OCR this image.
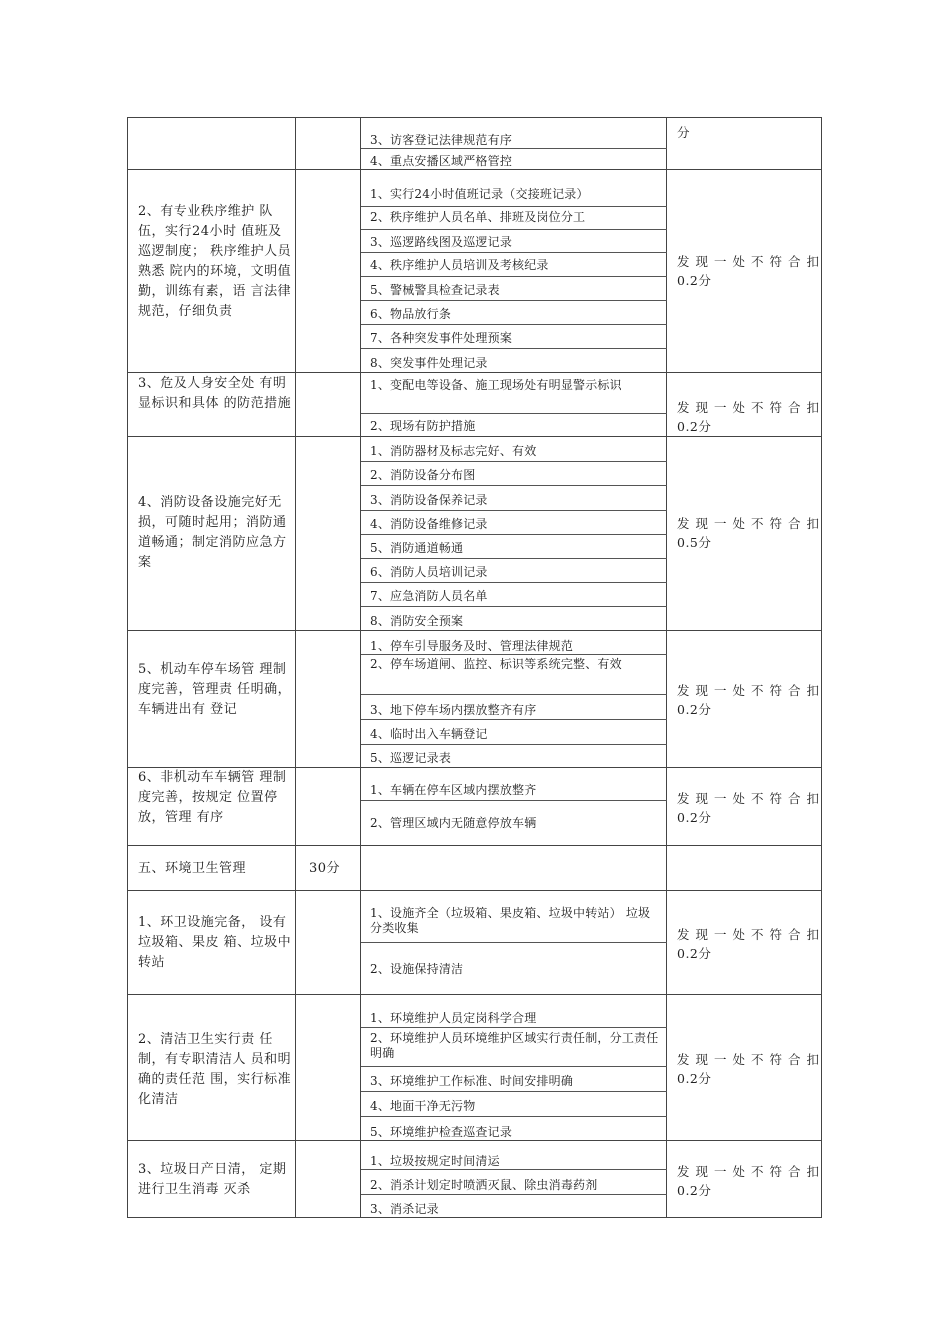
3、访客登记法律规范有序
4、重点安播区域严格管控
分
2、有专业秩序维护 队伍，实行24小时 值班及巡逻制度； 秩序维护人员熟悉 院内的环境，文明值 勤，训练有素，语 言法律规范，仔细负责
1、实行24小时值班记录（交接班记录）
2、秩序维护人员名单、排班及岗位分工
3、巡逻路线图及巡逻记录
4、秩序维护人员培训及考核纪录
5、警械警具检查记录表
6、物品放行条
7、各种突发事件处理预案
8、突发事件处理记录
发现一处不符合扣
0.2分
3、危及人身安全处 有明显标识和具体 的防范措施
1、变配电等设备、施工现场处有明显警示标识
2、现场有防护措施
发现一处不符合扣
0.2分
4、消防设备设施完好无损，可随时起用；消防通道畅通；制定消防应急方案
1、消防器材及标志完好、有效
2、消防设备分布图
3、消防设备保养记录
4、消防设备维修记录
5、消防通道畅通
6、消防人员培训记录
7、应急消防人员名单
8、消防安全预案
发现一处不符合扣
0.5分
5、机动车停车场管 理制度完善，管理责 任明确，车辆进出有 登记
1、停车引导服务及时、管理法律规范
2、停车场道闸、监控、标识等系统完整、有效
3、地下停车场内摆放整齐有序
4、临时出入车辆登记
5、巡逻记录表
发现一处不符合扣
0.2分
6、非机动车车辆管 理制度完善，按规定 位置停放，管理 有序
1、车辆在停车区域内摆放整齐
2、管理区域内无随意停放车辆
发现一处不符合扣
0.2分
五、环境卫生管理	30分
1、环卫设施完备， 设有垃圾箱、果皮 箱、垃圾中转站
1、设施齐全（垃圾箱、果皮箱、垃圾中转站） 垃圾分类收集
2、设施保持清洁
发现一处不符合扣
0.2分
2、清洁卫生实行责 任制，有专职清洁人 员和明确的责任范 围，实行标准化清洁
1、环境维护人员定岗科学合理
2、环境维护人员环境维护区域实行责任制，分工责任明确
3、环境维护工作标准、时间安排明确
4、地面干净无污物
5、环境维护检查巡查记录
发现一处不符合扣
0.2分
3、垃圾日产日清， 定期进行卫生消毒 灭杀
1、垃圾按规定时间清运
2、消杀计划定时喷洒灭鼠、除虫消毒药剂
3、消杀记录
发现一处不符合扣
0.2分
